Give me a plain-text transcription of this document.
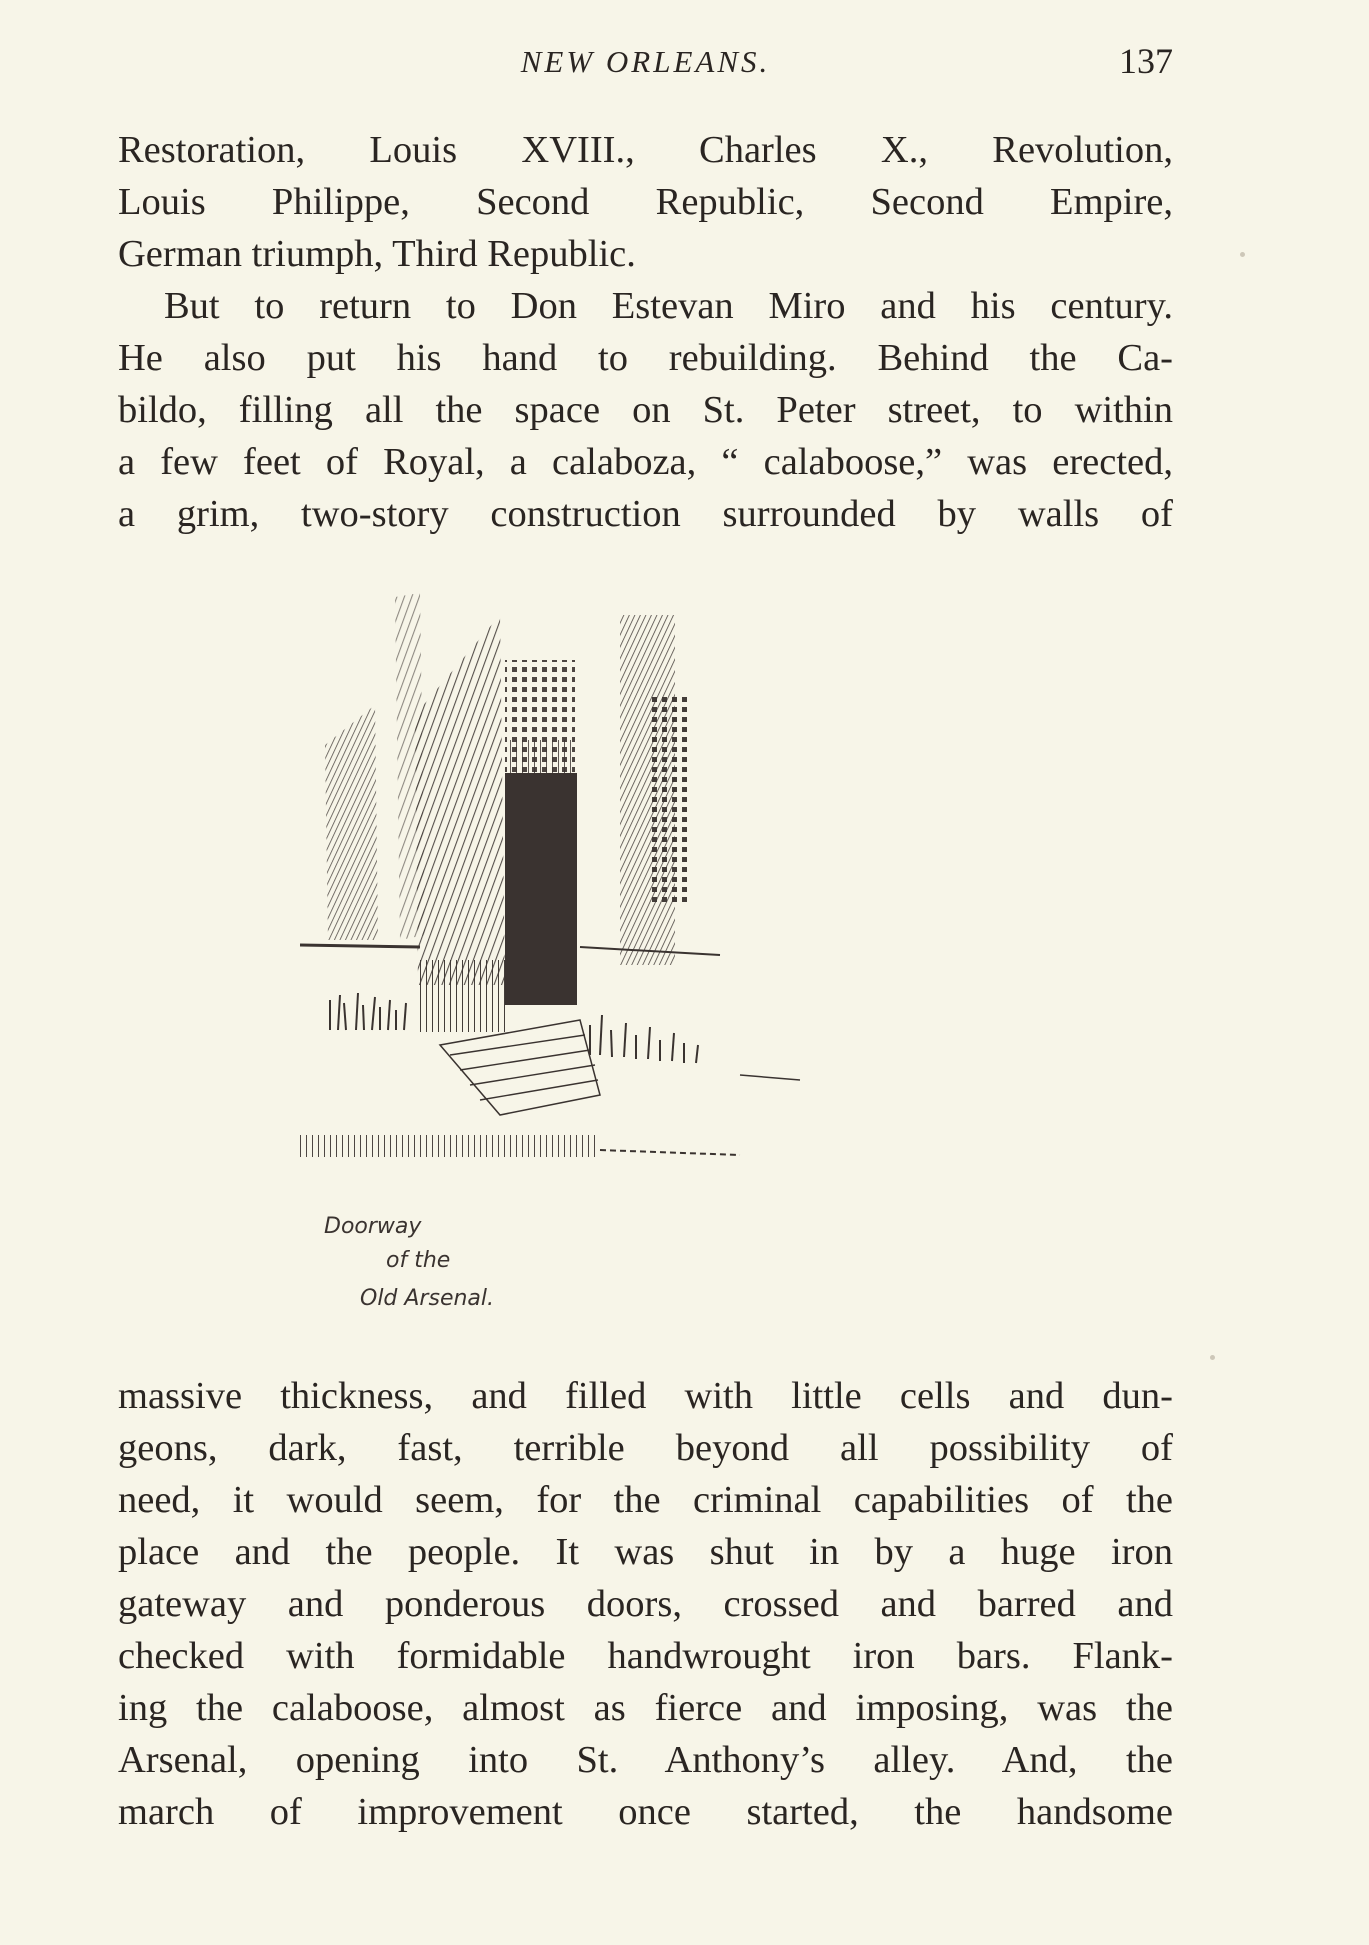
NEW ORLEANS.	137

Restoration, Louis XVIII., Charles X., Revolution,
Louis Philippe, Second Republic, Second Empire,
German triumph, Third Republic.

But to return to Don Estevan Miro and his century.
He also put his hand to rebuilding. Behind the Ca-
bildo, filling all the space on St. Peter street, to within
a few feet of Royal, a calaboza, “ calaboose,” was erected,
a grim, two-story construction surrounded by walls of

Doorway
of the
Old Arsenal.

massive thickness, and filled with little cells and dun-
geons, dark, fast, terrible beyond all possibility of
need, it would seem, for the criminal capabilities of the
place and the people. It was shut in by a huge iron
gateway and ponderous doors, crossed and barred and
checked with formidable handwrought iron bars. Flank-
ing the calaboose, almost as fierce and imposing, was the
Arsenal, opening into St. Anthony’s alley. And, the
march of improvement once started, the handsome
